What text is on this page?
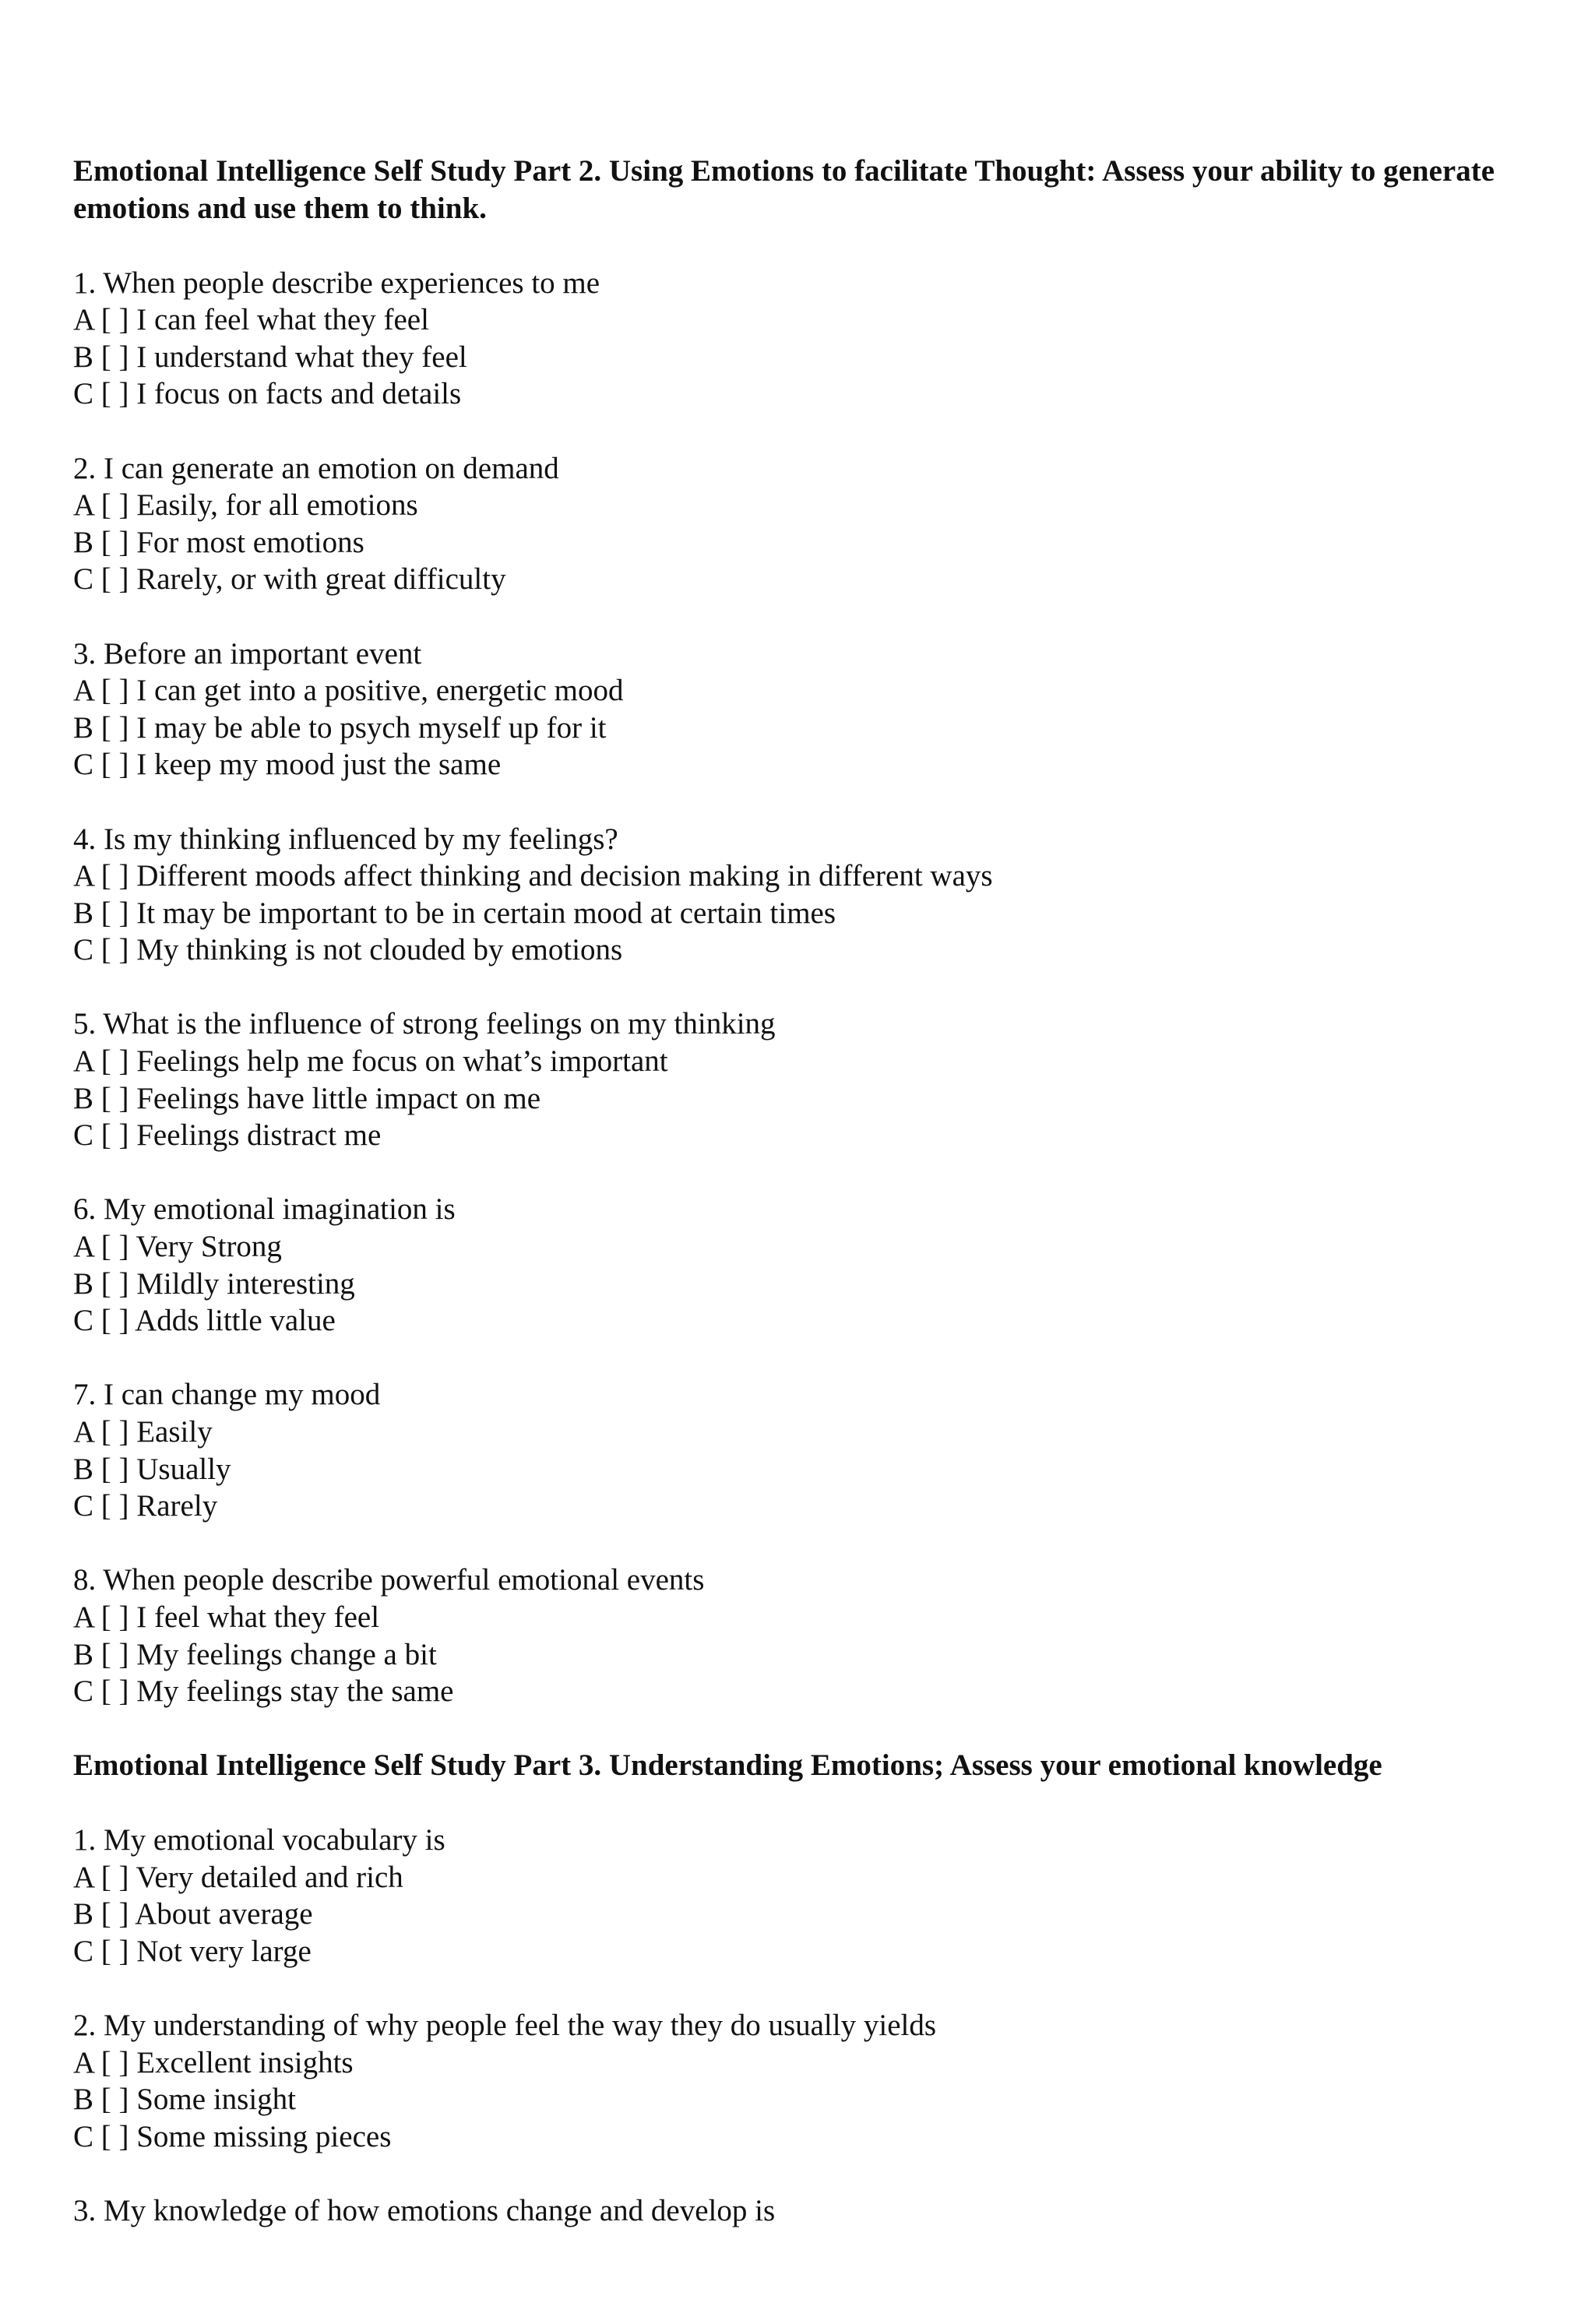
Emotional Intelligence Self Study Part 2. Using Emotions to facilitate Thought: Assess your ability to generate emotions and use them to think.

1. When people describe experiences to me
A [ ] I can feel what they feel
B [ ] I understand what they feel
C [ ] I focus on facts and details
2. I can generate an emotion on demand
A [ ] Easily, for all emotions
B [ ] For most emotions
C [ ] Rarely, or with great difficulty
3. Before an important event
A [ ] I can get into a positive, energetic mood
B [ ] I may be able to psych myself up for it
C [ ] I keep my mood just the same
4. Is my thinking influenced by my feelings?
A [ ] Different moods affect thinking and decision making in different ways
B [ ] It may be important to be in certain mood at certain times
C [ ] My thinking is not clouded by emotions
5. What is the influence of strong feelings on my thinking
A [ ] Feelings help me focus on what’s important
B [ ] Feelings have little impact on me
C [ ] Feelings distract me
6. My emotional imagination is
A [ ] Very Strong
B [ ] Mildly interesting
C [ ] Adds little value
7. I can change my mood
A [ ] Easily
B [ ] Usually
C [ ] Rarely
8. When people describe powerful emotional events
A [ ] I feel what they feel
B [ ] My feelings change a bit
C [ ] My feelings stay the same

Emotional Intelligence Self Study Part 3. Understanding Emotions; Assess your emotional knowledge

1. My emotional vocabulary is
A [ ] Very detailed and rich
B [ ] About average
C [ ] Not very large
2. My understanding of why people feel the way they do usually yields
A [ ] Excellent insights
B [ ] Some insight
C [ ] Some missing pieces
3. My knowledge of how emotions change and develop is
